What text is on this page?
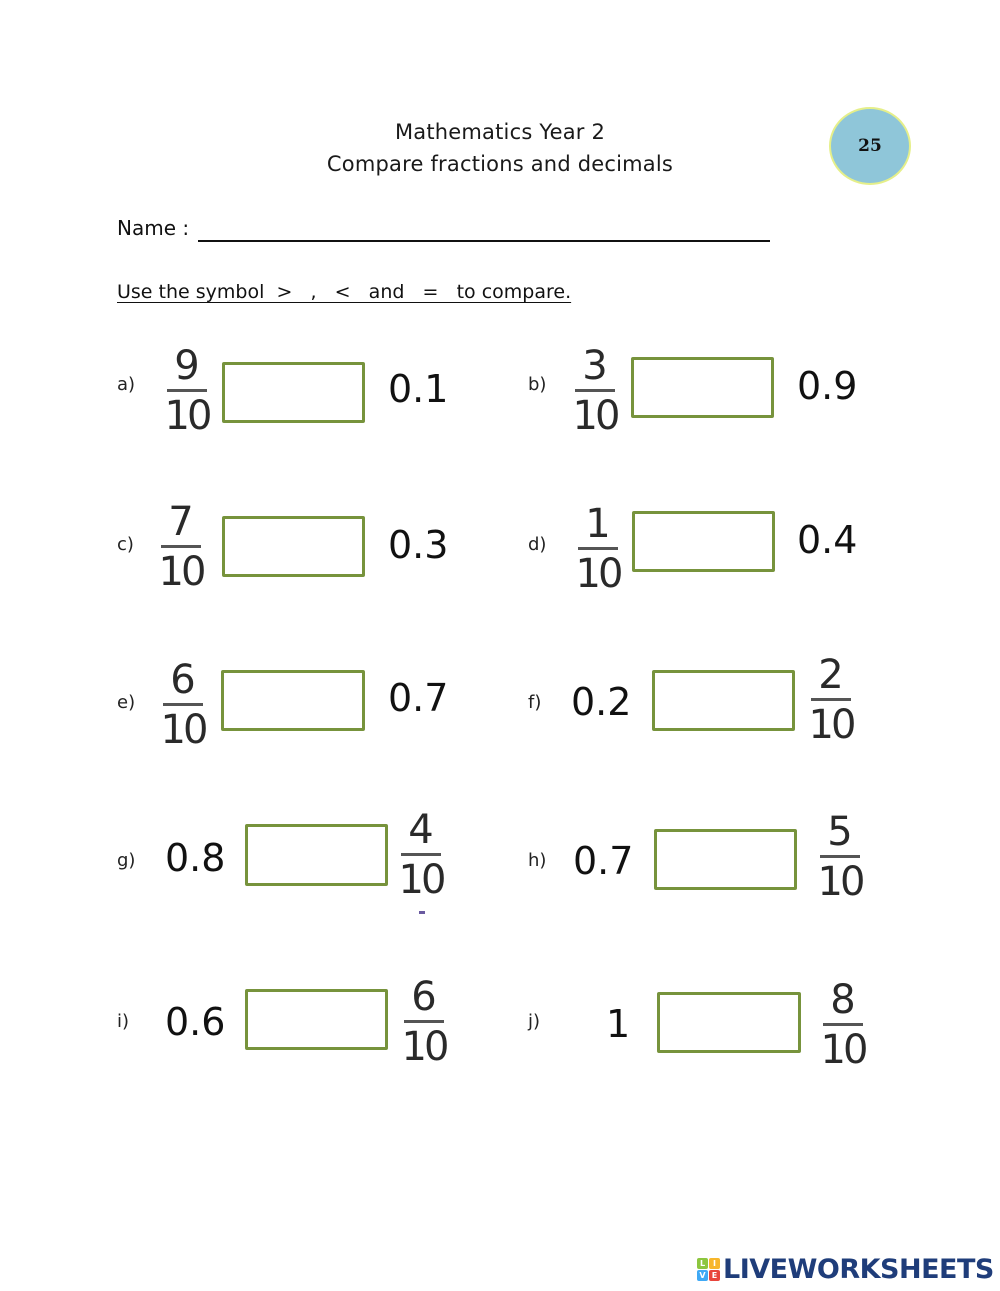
Mathematics Year 2
Compare fractions and decimals
25
Name :
Use the symbol  >   ,   <   and   =   to compare.
a) 9
10
0.1	b) 3
10
0.9
c) 7
10
0.3	d) 1
10
0.4
e) 6
10
0.7	f) 0.2
2
10
g) 0.8
4
10	h) 0.7
5
10
i) 0.6
6
10
j) 1
8
10
L I
V E LIVEWORKSHEETS
